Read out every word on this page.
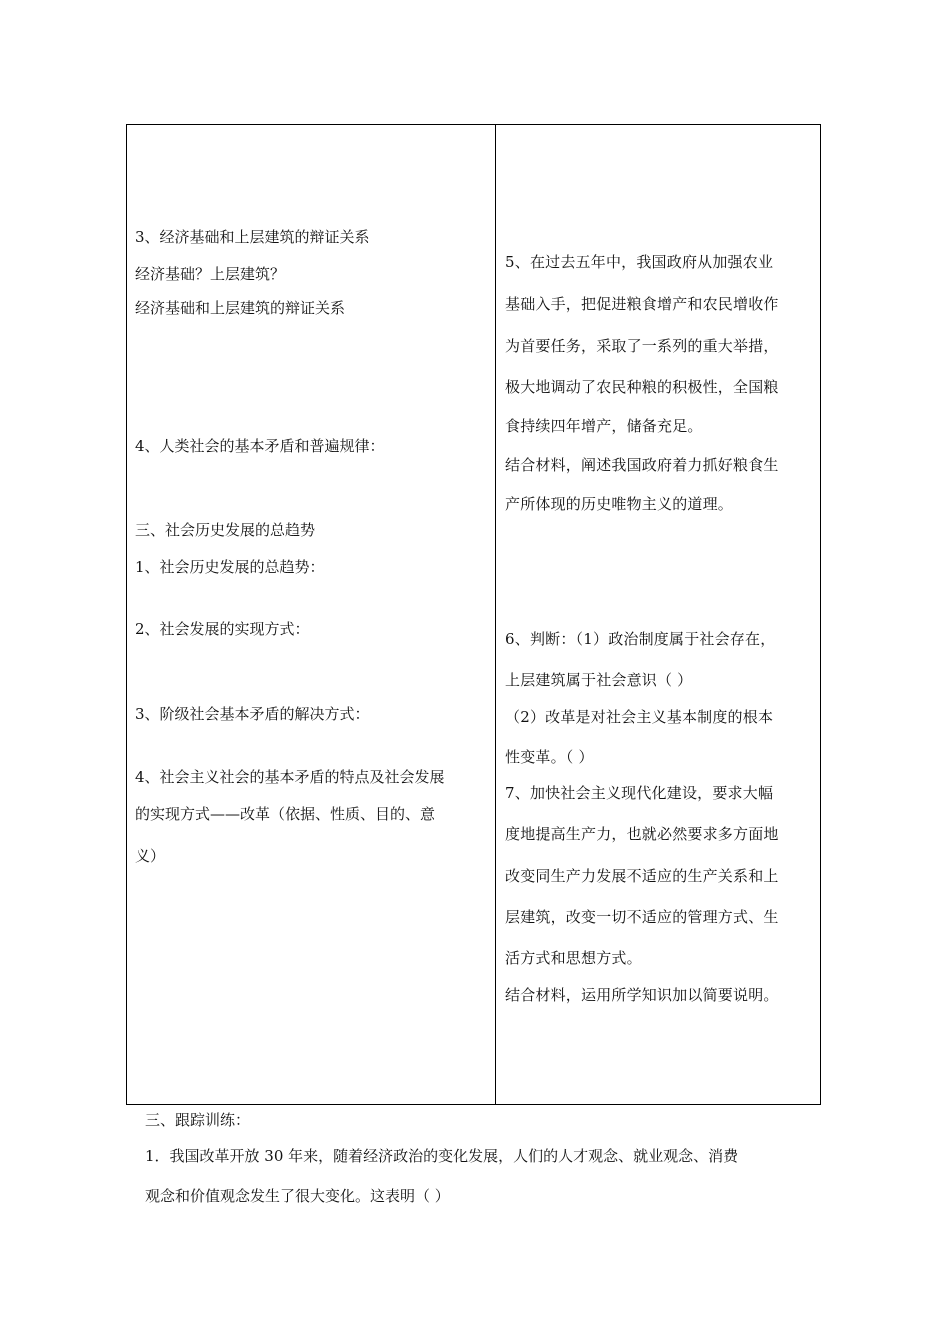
3、经济基础和上层建筑的辩证关系
经济基础？上层建筑？
经济基础和上层建筑的辩证关系
4、人类社会的基本矛盾和普遍规律：
三、社会历史发展的总趋势
1、社会历史发展的总趋势：
2、社会发展的实现方式：
3、阶级社会基本矛盾的解决方式：
4、社会主义社会的基本矛盾的特点及社会发展
的实现方式——改革（依据、性质、目的、意
义）
5、在过去五年中，我国政府从加强农业
基础入手，把促进粮食增产和农民增收作
为首要任务，采取了一系列的重大举措，
极大地调动了农民种粮的积极性，全国粮
食持续四年增产，储备充足。
结合材料，阐述我国政府着力抓好粮食生
产所体现的历史唯物主义的道理。
6、判断：（1）政治制度属于社会存在，
上层建筑属于社会意识（ ）
（2）改革是对社会主义基本制度的根本
性变革。（ ）
7、加快社会主义现代化建设，要求大幅
度地提高生产力，也就必然要求多方面地
改变同生产力发展不适应的生产关系和上
层建筑，改变一切不适应的管理方式、生
活方式和思想方式。
结合材料，运用所学知识加以简要说明。
三、跟踪训练：
1．我国改革开放 30 年来，随着经济政治的变化发展，人们的人才观念、就业观念、消费
观念和价值观念发生了很大变化。这表明（ ）
